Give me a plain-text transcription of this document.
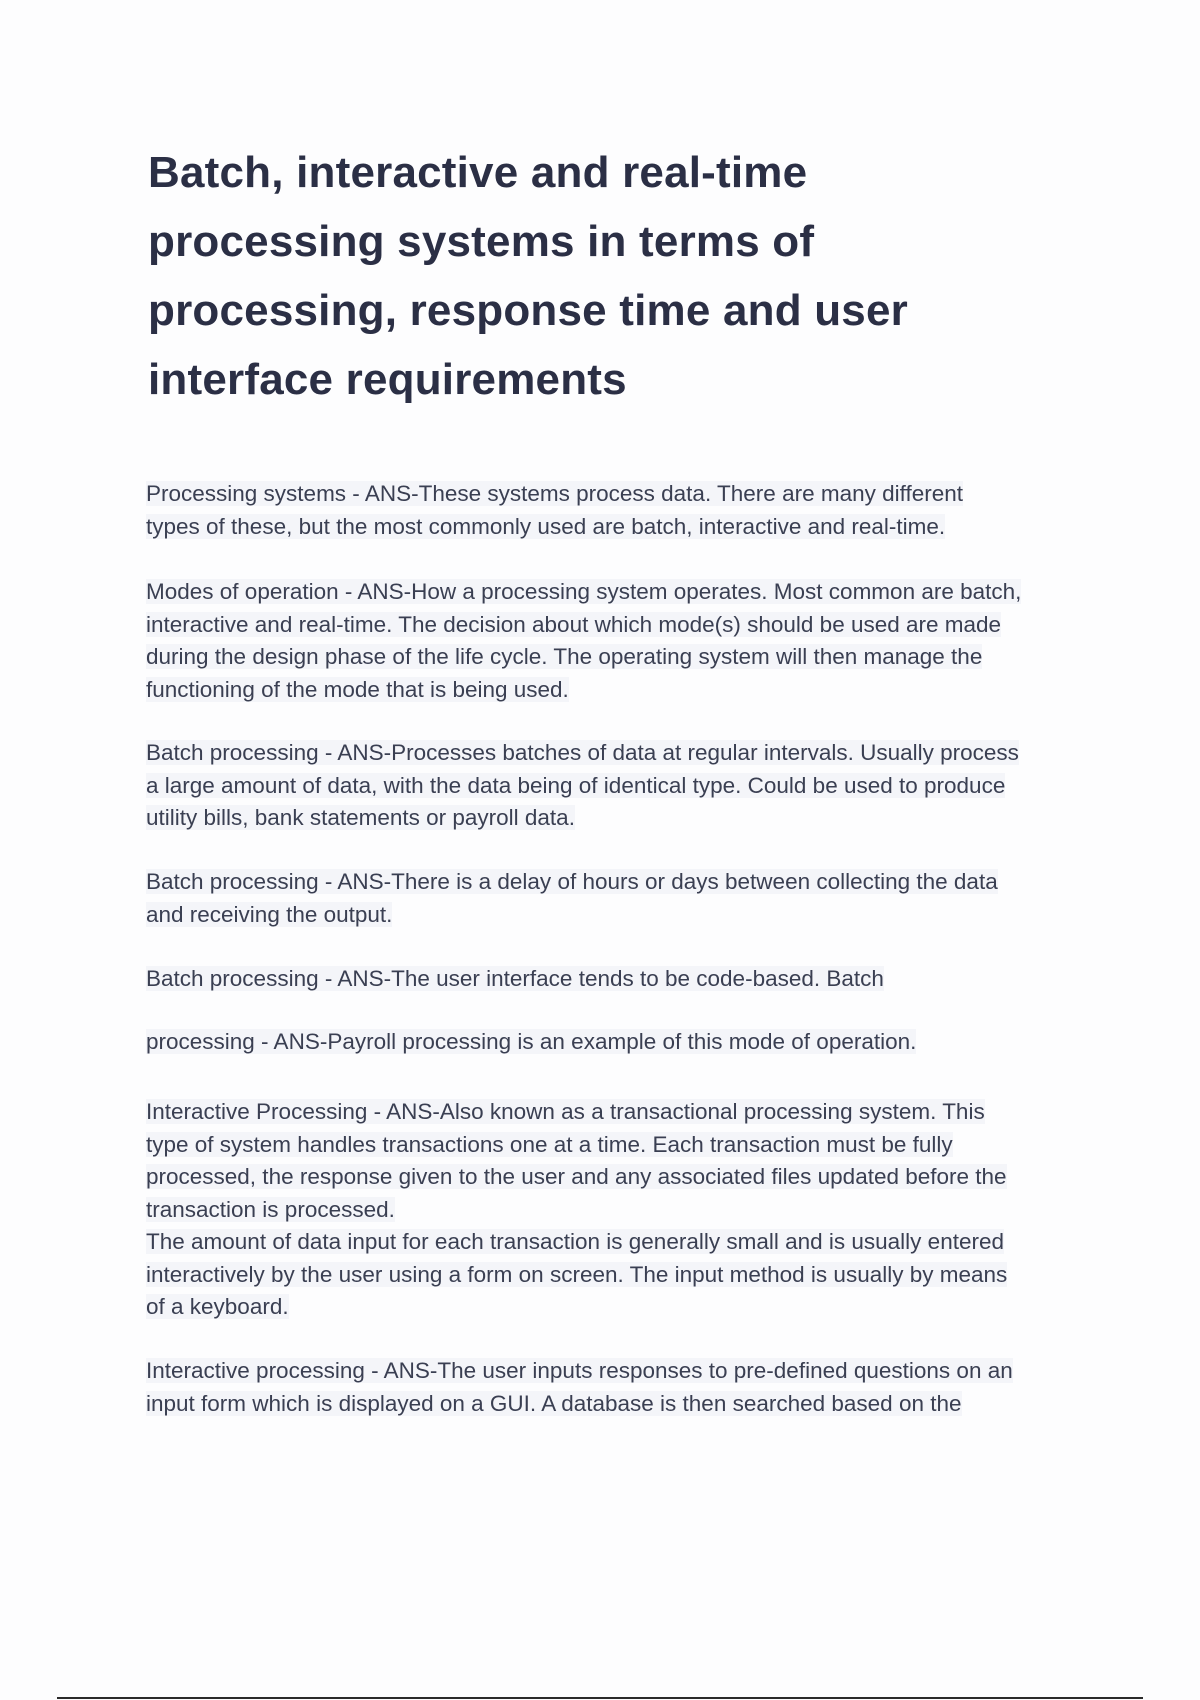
Batch, interactive and real-time processing systems in terms of processing, response time and user interface requirements

Processing systems - ANS-These systems process data. There are many different
types of these, but the most commonly used are batch, interactive and real-time.

Modes of operation - ANS-How a processing system operates. Most common are batch,
interactive and real-time. The decision about which mode(s) should be used are made
during the design phase of the life cycle. The operating system will then manage the
functioning of the mode that is being used.

Batch processing - ANS-Processes batches of data at regular intervals. Usually process
a large amount of data, with the data being of identical type. Could be used to produce
utility bills, bank statements or payroll data.

Batch processing - ANS-There is a delay of hours or days between collecting the data
and receiving the output.

Batch processing - ANS-The user interface tends to be code-based. Batch

processing - ANS-Payroll processing is an example of this mode of operation.

Interactive Processing - ANS-Also known as a transactional processing system. This
type of system handles transactions one at a time. Each transaction must be fully
processed, the response given to the user and any associated files updated before the
transaction is processed.
The amount of data input for each transaction is generally small and is usually entered
interactively by the user using a form on screen. The input method is usually by means
of a keyboard.

Interactive processing - ANS-The user inputs responses to pre-defined questions on an
input form which is displayed on a GUI. A database is then searched based on the
